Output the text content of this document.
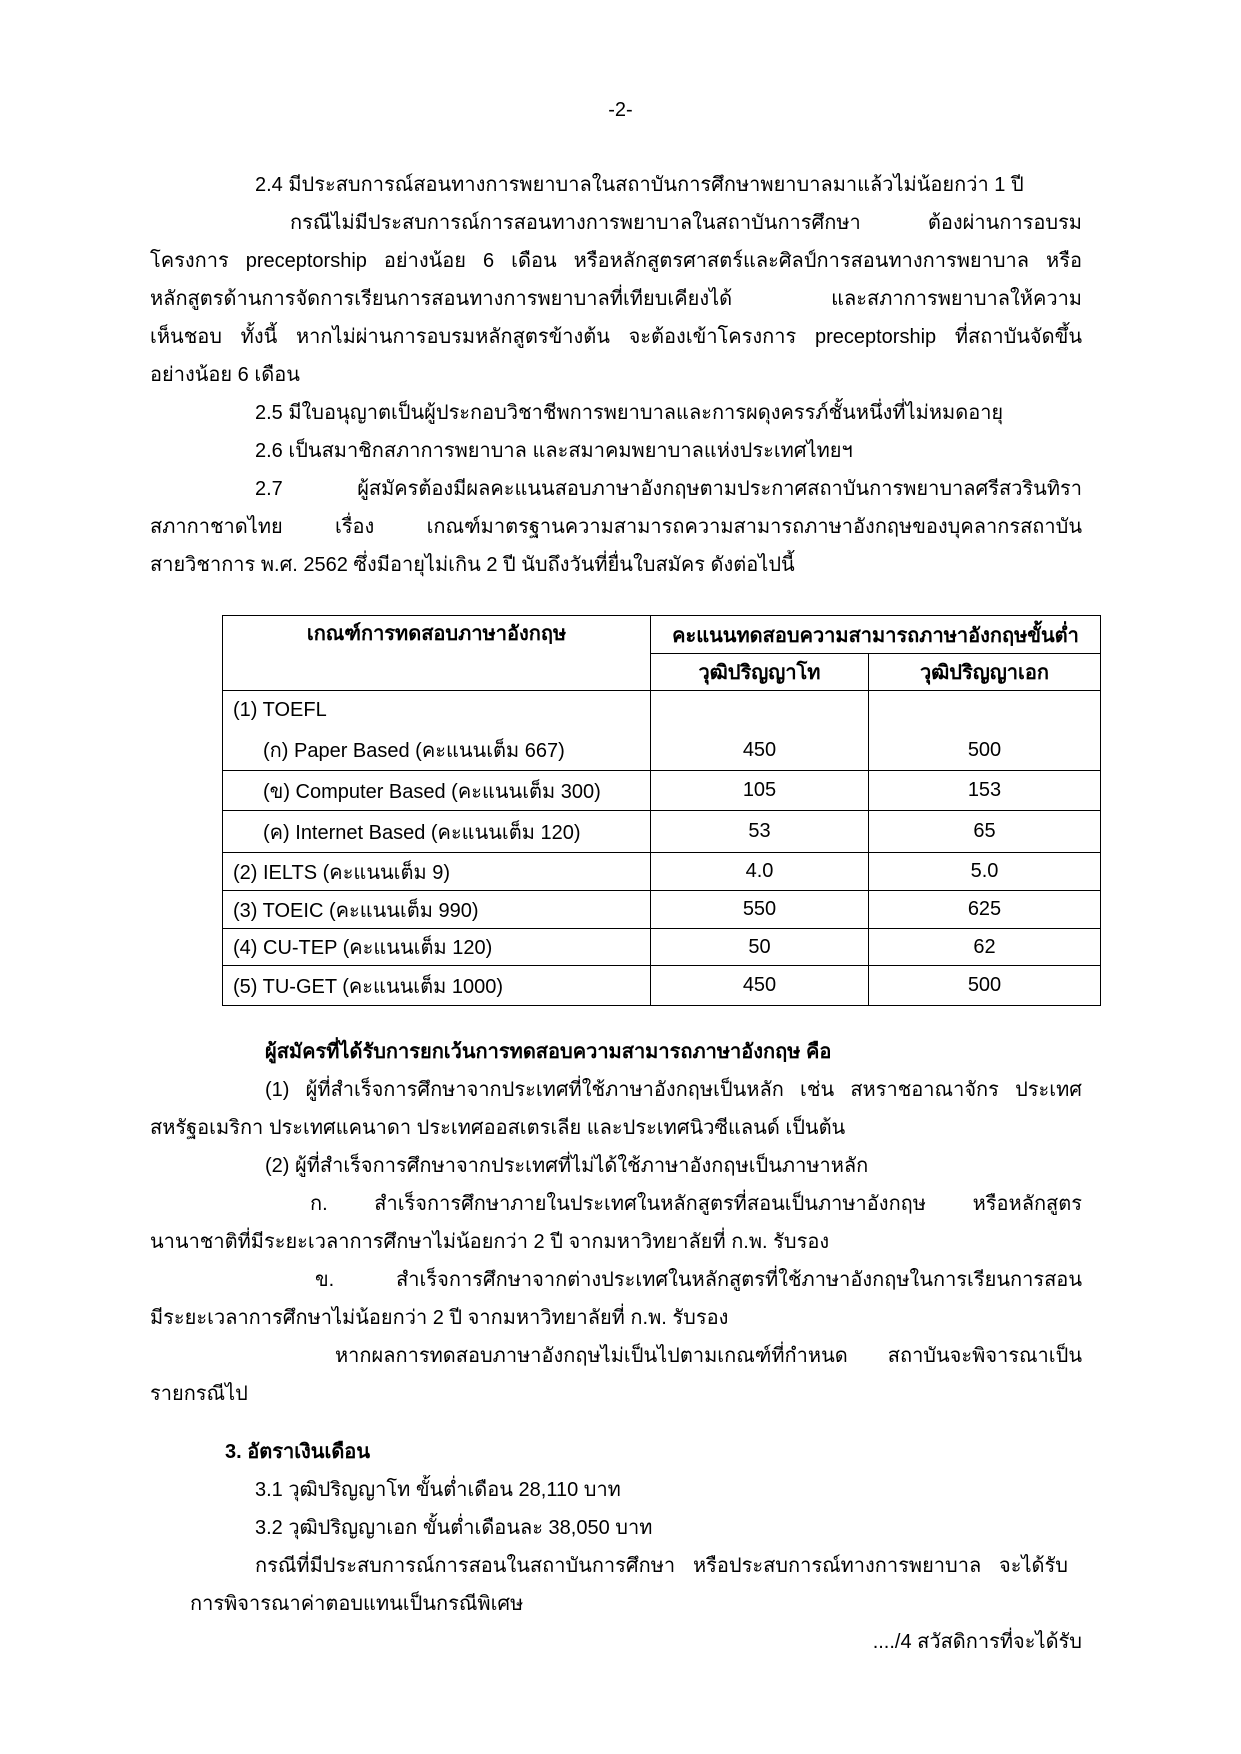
-2-
2.4 มีประสบการณ์สอนทางการพยาบาลในสถาบันการศึกษาพยาบาลมาแล้วไม่น้อยกว่า 1 ปี
กรณีไม่มีประสบการณ์การสอนทางการพยาบาลในสถาบันการศึกษา ต้องผ่านการอบรม
โครงการ preceptorship อย่างน้อย 6 เดือน หรือหลักสูตรศาสตร์และศิลป์การสอนทางการพยาบาล หรือ
หลักสูตรด้านการจัดการเรียนการสอนทางการพยาบาลที่เทียบเคียงได้ และสภาการพยาบาลให้ความ
เห็นชอบ ทั้งนี้ หากไม่ผ่านการอบรมหลักสูตรข้างต้น จะต้องเข้าโครงการ preceptorship ที่สถาบันจัดขึ้น
อย่างน้อย 6 เดือน
2.5 มีใบอนุญาตเป็นผู้ประกอบวิชาชีพการพยาบาลและการผดุงครรภ์ชั้นหนึ่งที่ไม่หมดอายุ
2.6 เป็นสมาชิกสภาการพยาบาล และสมาคมพยาบาลแห่งประเทศไทยฯ
2.7 ผู้สมัครต้องมีผลคะแนนสอบภาษาอังกฤษตามประกาศสถาบันการพยาบาลศรีสวรินทิรา
สภากาชาดไทย เรื่อง เกณฑ์มาตรฐานความสามารถความสามารถภาษาอังกฤษของบุคลากรสถาบัน
สายวิชาการ พ.ศ. 2562 ซึ่งมีอายุไม่เกิน 2 ปี นับถึงวันที่ยื่นใบสมัคร ดังต่อไปนี้
เกณฑ์การทดสอบภาษาอังกฤษ	คะแนนทดสอบความสามารถภาษาอังกฤษขั้นต่ำ	
	วุฒิปริญญาโท	วุฒิปริญญาเอก
(1) TOEFL		
(ก) Paper Based (คะแนนเต็ม 667)	450	500
(ข) Computer Based (คะแนนเต็ม 300)	105	153
(ค) Internet Based (คะแนนเต็ม 120)	53	65
(2) IELTS (คะแนนเต็ม 9)	4.0	5.0
(3) TOEIC (คะแนนเต็ม 990)	550	625
(4) CU-TEP (คะแนนเต็ม 120)	50	62
(5) TU-GET (คะแนนเต็ม 1000)	450	500
ผู้สมัครที่ได้รับการยกเว้นการทดสอบความสามารถภาษาอังกฤษ คือ
(1) ผู้ที่สำเร็จการศึกษาจากประเทศที่ใช้ภาษาอังกฤษเป็นหลัก เช่น สหราชอาณาจักร ประเทศ
สหรัฐอเมริกา ประเทศแคนาดา ประเทศออสเตรเลีย และประเทศนิวซีแลนด์ เป็นต้น
(2) ผู้ที่สำเร็จการศึกษาจากประเทศที่ไม่ได้ใช้ภาษาอังกฤษเป็นภาษาหลัก
ก. สำเร็จการศึกษาภายในประเทศในหลักสูตรที่สอนเป็นภาษาอังกฤษ หรือหลักสูตร
นานาชาติที่มีระยะเวลาการศึกษาไม่น้อยกว่า 2 ปี จากมหาวิทยาลัยที่ ก.พ. รับรอง
ข. สำเร็จการศึกษาจากต่างประเทศในหลักสูตรที่ใช้ภาษาอังกฤษในการเรียนการสอน
มีระยะเวลาการศึกษาไม่น้อยกว่า 2 ปี จากมหาวิทยาลัยที่ ก.พ. รับรอง
หากผลการทดสอบภาษาอังกฤษไม่เป็นไปตามเกณฑ์ที่กำหนด สถาบันจะพิจารณาเป็น
รายกรณีไป
3. อัตราเงินเดือน
3.1 วุฒิปริญญาโท ขั้นต่ำเดือน 28,110 บาท
3.2 วุฒิปริญญาเอก ขั้นต่ำเดือนละ 38,050 บาท
กรณีที่มีประสบการณ์การสอนในสถาบันการศึกษา หรือประสบการณ์ทางการพยาบาล จะได้รับ
การพิจารณาค่าตอบแทนเป็นกรณีพิเศษ
..../4 สวัสดิการที่จะได้รับ
